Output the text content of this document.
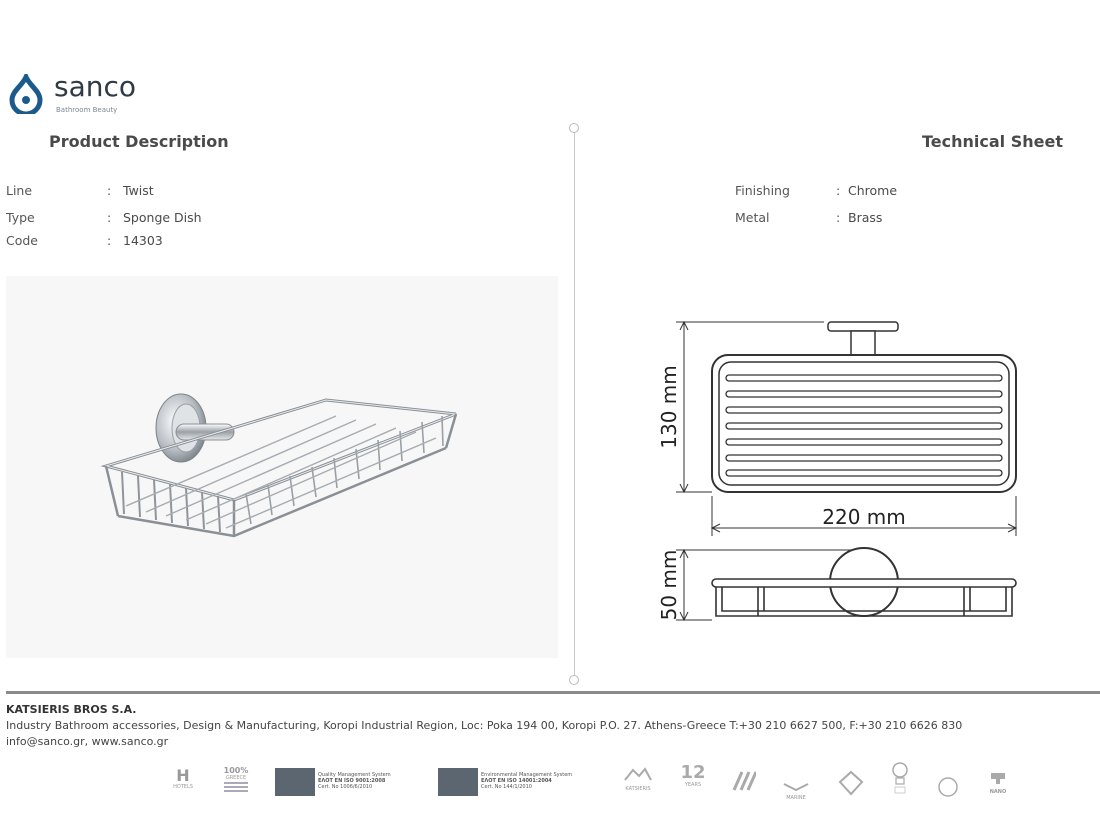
sanco
Bathroom Beauty
Product Description	Technical Sheet
Line	: Twist
Type	: Sponge Dish
Code	: 14303
Finishing	: Chrome
Metal	: Brass
130 mm
220 mm
50 mm
KATSIERIS BROS S.A.
Industry Bathroom accessories, Design & Manufacturing, Koropi Industrial Region, Loc: Poka 194 00, Koropi P.O. 27. Athens-Greece T:+30 210 6627 500, F:+30 210 6626 830
info@sanco.gr, www.sanco.gr
H
HOTELS
100%
GREECE	Quality Management System
ΕΛΟΤ EN ISO 9001:2008
Cert. No 1006/6/2010
Environmental Management System
ΕΛΟΤ EN ISO 14001:2004
Cert. No 144/1/2010	KATSIERIS
12
YEARS
MARINE
NANO
